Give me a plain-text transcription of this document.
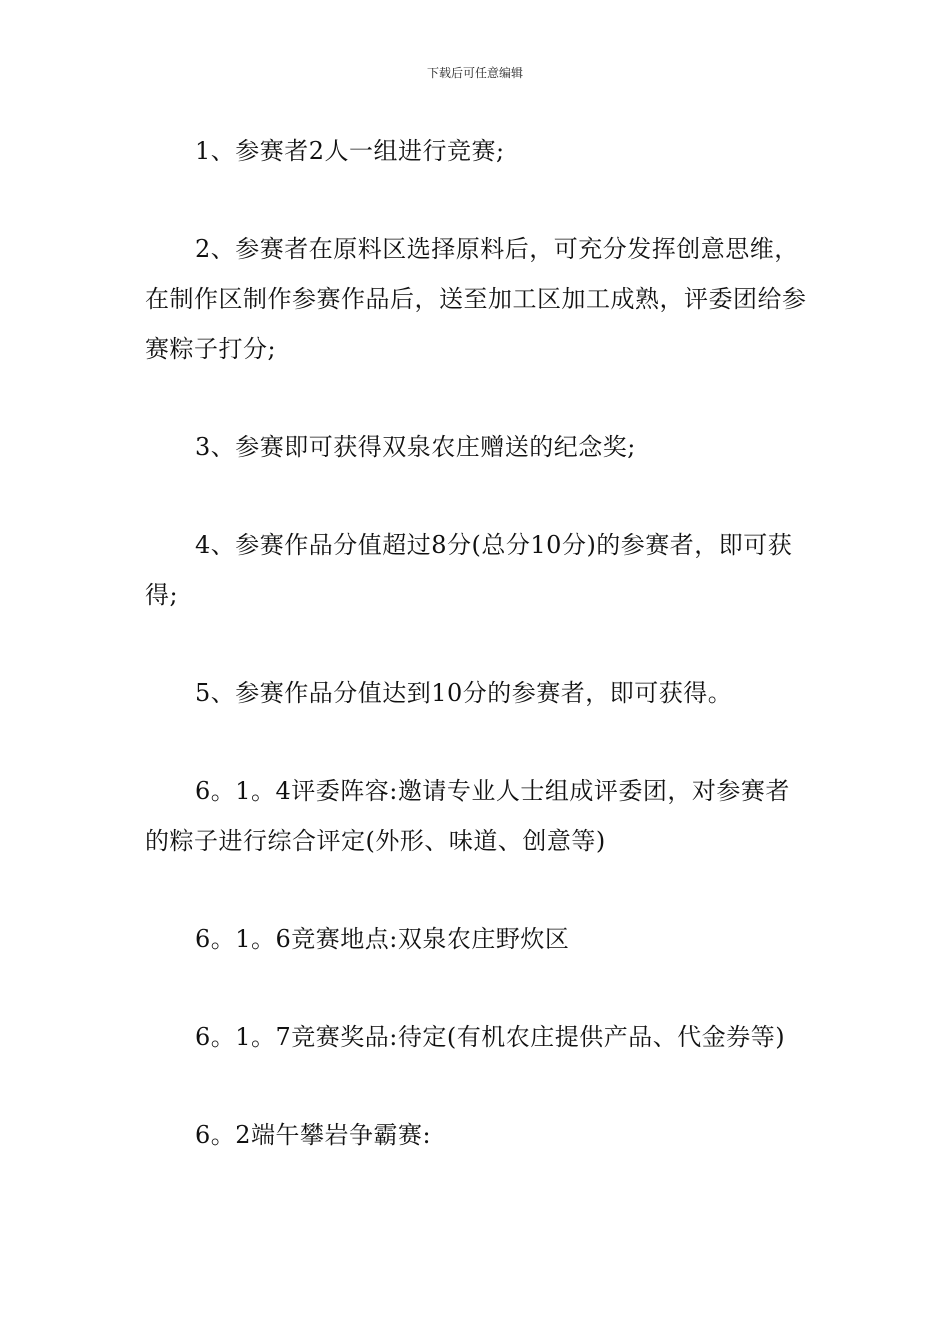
下载后可任意编辑

1、参赛者2人一组进行竞赛;

2、参赛者在原料区选择原料后，可充分发挥创意思维，在制作区制作参赛作品后，送至加工区加工成熟，评委团给参赛粽子打分;

3、参赛即可获得双泉农庄赠送的纪念奖;

4、参赛作品分值超过8分(总分10分)的参赛者，即可获得;

5、参赛作品分值达到10分的参赛者，即可获得。

6。1。4评委阵容:邀请专业人士组成评委团，对参赛者的粽子进行综合评定(外形、味道、创意等)

6。1。6竞赛地点:双泉农庄野炊区

6。1。7竞赛奖品:待定(有机农庄提供产品、代金券等)

6。2端午攀岩争霸赛:
